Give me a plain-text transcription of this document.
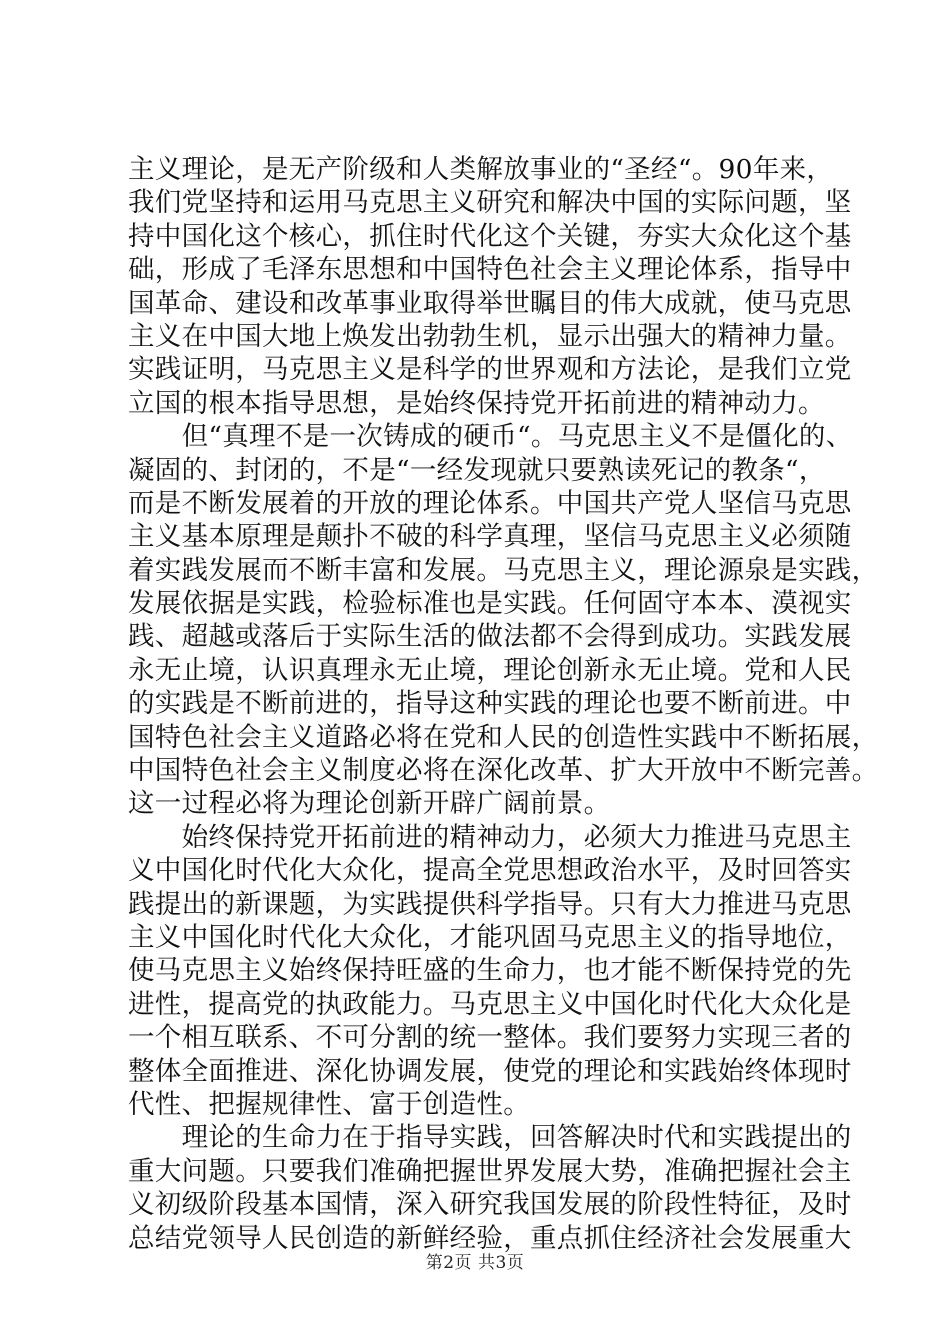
主义理论，是无产阶级和人类解放事业的“圣经“。90年来，
我们党坚持和运用马克思主义研究和解决中国的实际问题，坚
持中国化这个核心，抓住时代化这个关键，夯实大众化这个基
础，形成了毛泽东思想和中国特色社会主义理论体系，指导中
国革命、建设和改革事业取得举世瞩目的伟大成就，使马克思
主义在中国大地上焕发出勃勃生机，显示出强大的精神力量。
实践证明，马克思主义是科学的世界观和方法论，是我们立党
立国的根本指导思想，是始终保持党开拓前进的精神动力。
　　但“真理不是一次铸成的硬币“。马克思主义不是僵化的、
凝固的、封闭的，不是“一经发现就只要熟读死记的教条“，
而是不断发展着的开放的理论体系。中国共产党人坚信马克思
主义基本原理是颠扑不破的科学真理，坚信马克思主义必须随
着实践发展而不断丰富和发展。马克思主义，理论源泉是实践，
发展依据是实践，检验标准也是实践。任何固守本本、漠视实
践、超越或落后于实际生活的做法都不会得到成功。实践发展
永无止境，认识真理永无止境，理论创新永无止境。党和人民
的实践是不断前进的，指导这种实践的理论也要不断前进。中
国特色社会主义道路必将在党和人民的创造性实践中不断拓展，
中国特色社会主义制度必将在深化改革、扩大开放中不断完善。
这一过程必将为理论创新开辟广阔前景。
　　始终保持党开拓前进的精神动力，必须大力推进马克思主
义中国化时代化大众化，提高全党思想政治水平，及时回答实
践提出的新课题，为实践提供科学指导。只有大力推进马克思
主义中国化时代化大众化，才能巩固马克思主义的指导地位，
使马克思主义始终保持旺盛的生命力，也才能不断保持党的先
进性，提高党的执政能力。马克思主义中国化时代化大众化是
一个相互联系、不可分割的统一整体。我们要努力实现三者的
整体全面推进、深化协调发展，使党的理论和实践始终体现时
代性、把握规律性、富于创造性。
　　理论的生命力在于指导实践，回答解决时代和实践提出的
重大问题。只要我们准确把握世界发展大势，准确把握社会主
义初级阶段基本国情，深入研究我国发展的阶段性特征，及时
总结党领导人民创造的新鲜经验，重点抓住经济社会发展重大
第2页 共3页
